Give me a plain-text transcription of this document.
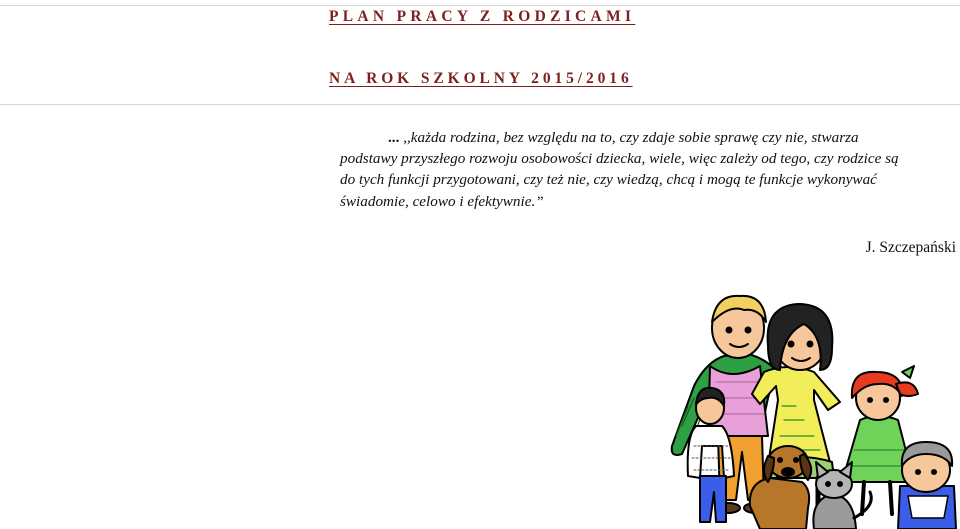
PLAN PRACY Z RODZICAMI
NA ROK SZKOLNY 2015/2016

... ,,każda rodzina, bez względu na to, czy zdaje sobie sprawę czy nie, stwarza
podstawy przyszłego rozwoju osobowości dziecka, wiele, więc zależy od tego, czy rodzice są
do tych funkcji przygotowani, czy też nie, czy wiedzą, chcą i mogą te funkcje wykonywać
świadomie, celowo i efektywnie.”

J. Szczepański
